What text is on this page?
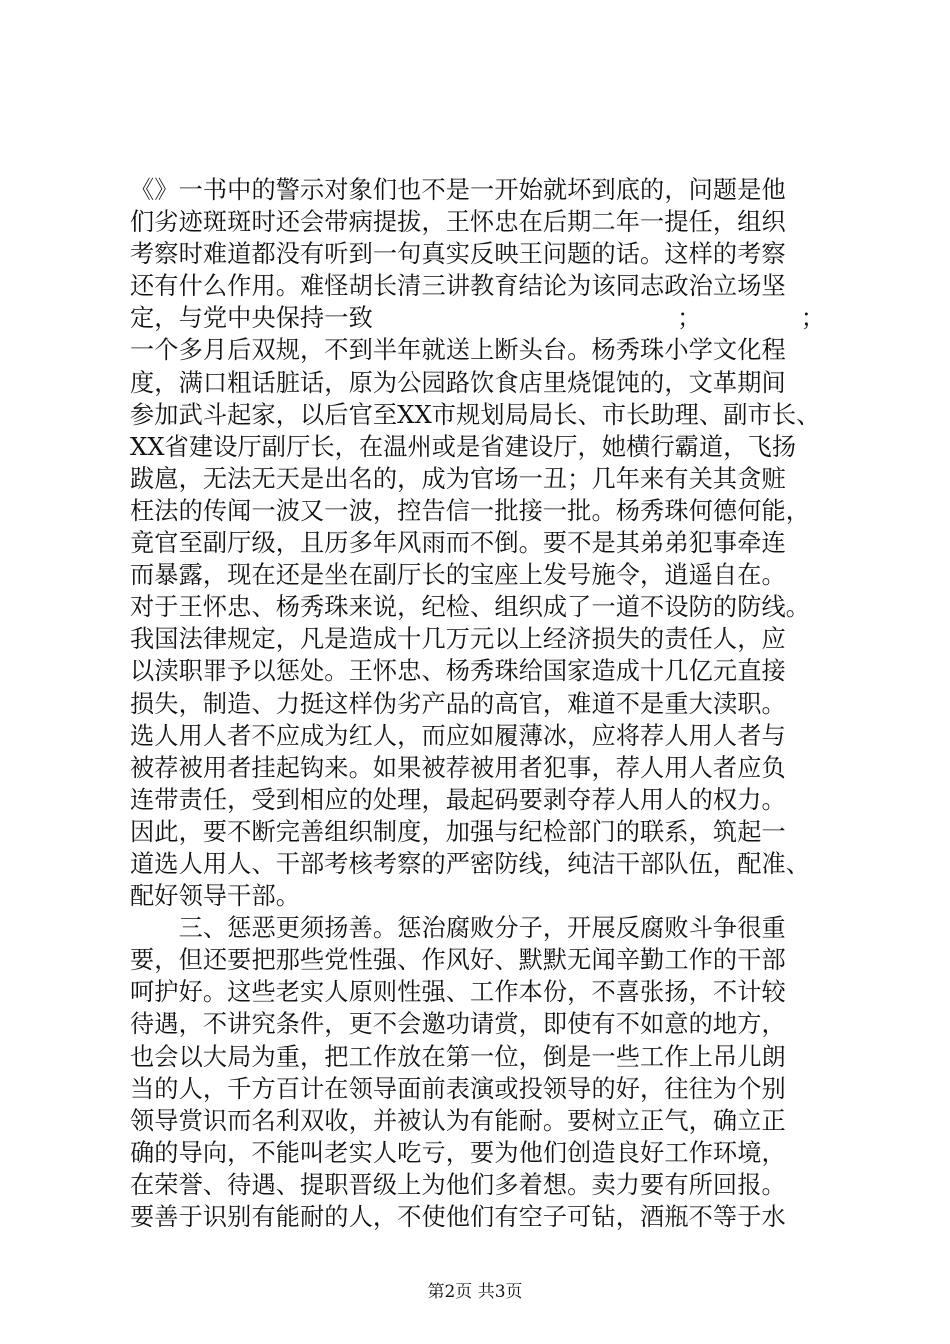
《》一书中的警示对象们也不是一开始就坏到底的，问题是他
们劣迹斑斑时还会带病提拔，王怀忠在后期二年一提任，组织
考察时难道都没有听到一句真实反映王问题的话。这样的考察
还有什么作用。难怪胡长清三讲教育结论为该同志政治立场坚
定，与党中央保持一致	；	；
一个多月后双规，不到半年就送上断头台。杨秀珠小学文化程
度，满口粗话脏话，原为公园路饮食店里烧馄饨的，文革期间
参加武斗起家，以后官至XX市规划局局长、市长助理、副市长、
XX省建设厅副厅长，在温州或是省建设厅，她横行霸道，飞扬
跋扈，无法无天是出名的，成为官场一丑；几年来有关其贪赃
枉法的传闻一波又一波，控告信一批接一批。杨秀珠何德何能，
竟官至副厅级，且历多年风雨而不倒。要不是其弟弟犯事牵连
而暴露，现在还是坐在副厅长的宝座上发号施令，逍遥自在。
对于王怀忠、杨秀珠来说，纪检、组织成了一道不设防的防线。
我国法律规定，凡是造成十几万元以上经济损失的责任人，应
以渎职罪予以惩处。王怀忠、杨秀珠给国家造成十几亿元直接
损失，制造、力挺这样伪劣产品的高官，难道不是重大渎职。
选人用人者不应成为红人，而应如履薄冰，应将荐人用人者与
被荐被用者挂起钩来。如果被荐被用者犯事，荐人用人者应负
连带责任，受到相应的处理，最起码要剥夺荐人用人的权力。
因此，要不断完善组织制度，加强与纪检部门的联系，筑起一
道选人用人、干部考核考察的严密防线，纯洁干部队伍，配准、
配好领导干部。
　　三、惩恶更须扬善。惩治腐败分子，开展反腐败斗争很重
要，但还要把那些党性强、作风好、默默无闻辛勤工作的干部
呵护好。这些老实人原则性强、工作本份，不喜张扬，不计较
待遇，不讲究条件，更不会邀功请赏，即使有不如意的地方，
也会以大局为重，把工作放在第一位，倒是一些工作上吊儿朗
当的人，千方百计在领导面前表演或投领导的好，往往为个别
领导赏识而名利双收，并被认为有能耐。要树立正气，确立正
确的导向，不能叫老实人吃亏，要为他们创造良好工作环境，
在荣誉、待遇、提职晋级上为他们多着想。卖力要有所回报。
要善于识别有能耐的人，不使他们有空子可钻，酒瓶不等于水
第2页 共3页
